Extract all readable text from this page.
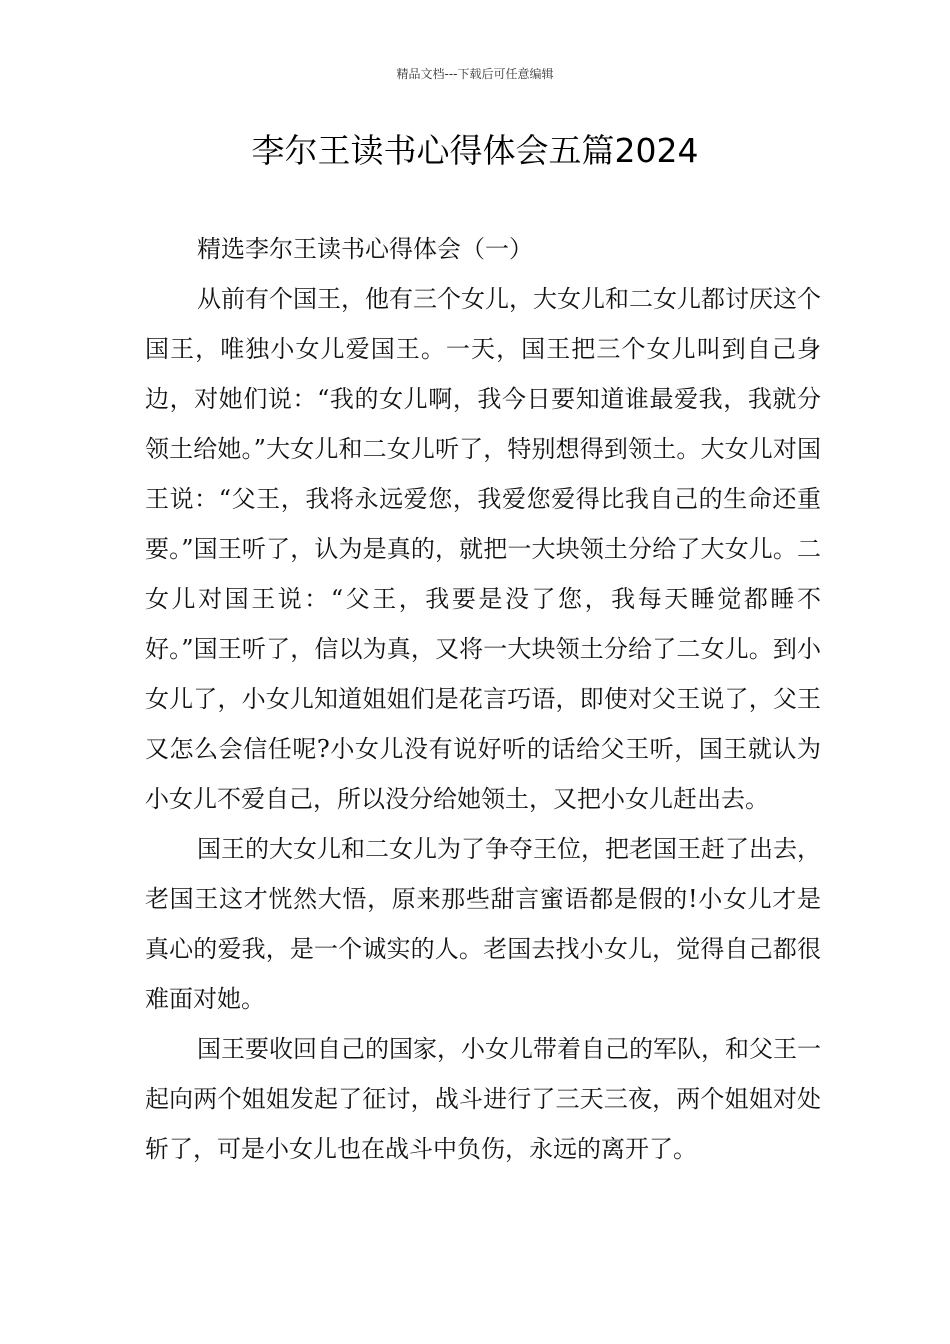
精品文档---下载后可任意编辑
李尔王读书心得体会五篇2024

精选李尔王读书心得体会（一）

从前有个国王，他有三个女儿，大女儿和二女儿都讨厌这个国王，唯独小女儿爱国王。一天，国王把三个女儿叫到自己身边，对她们说：“我的女儿啊，我今日要知道谁最爱我，我就分领土给她。”大女儿和二女儿听了，特别想得到领土。大女儿对国王说：“父王，我将永远爱您，我爱您爱得比我自己的生命还重要。”国王听了，认为是真的，就把一大块领土分给了大女儿。二女儿对国王说：“父王，我要是没了您，我每天睡觉都睡不好。”国王听了，信以为真，又将一大块领土分给了二女儿。到小女儿了，小女儿知道姐姐们是花言巧语，即使对父王说了，父王又怎么会信任呢?小女儿没有说好听的话给父王听，国王就认为小女儿不爱自己，所以没分给她领土，又把小女儿赶出去。

国王的大女儿和二女儿为了争夺王位，把老国王赶了出去，老国王这才恍然大悟，原来那些甜言蜜语都是假的!小女儿才是真心的爱我，是一个诚实的人。老国去找小女儿，觉得自己都很难面对她。

国王要收回自己的国家，小女儿带着自己的军队，和父王一起向两个姐姐发起了征讨，战斗进行了三天三夜，两个姐姐对处斩了，可是小女儿也在战斗中负伤，永远的离开了。
